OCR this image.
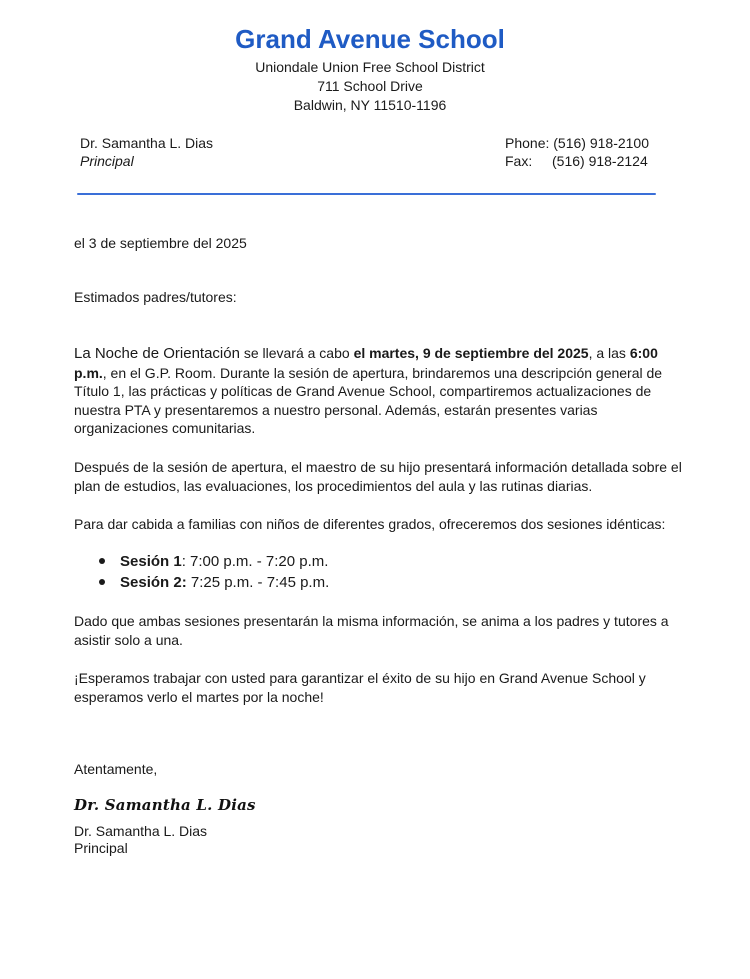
Grand Avenue School
Uniondale Union Free School District
711 School Drive
Baldwin, NY 11510-1196
Dr. Samantha L. Dias
Principal
Phone: (516) 918-2100
Fax: (516) 918-2124

el 3 de septiembre del 2025

Estimados padres/tutores:

La Noche de Orientación se llevará a cabo el martes, 9 de septiembre del 2025, a las 6:00 p.m., en el G.P. Room. Durante la sesión de apertura, brindaremos una descripción general de Título 1, las prácticas y políticas de Grand Avenue School, compartiremos actualizaciones de nuestra PTA y presentaremos a nuestro personal. Además, estarán presentes varias organizaciones comunitarias.

Después de la sesión de apertura, el maestro de su hijo presentará información detallada sobre el plan de estudios, las evaluaciones, los procedimientos del aula y las rutinas diarias.

Para dar cabida a familias con niños de diferentes grados, ofreceremos dos sesiones idénticas:

Sesión 1: 7:00 p.m. - 7:20 p.m.
Sesión 2: 7:25 p.m. - 7:45 p.m.

Dado que ambas sesiones presentarán la misma información, se anima a los padres y tutores a asistir solo a una.

¡Esperamos trabajar con usted para garantizar el éxito de su hijo en Grand Avenue School y esperamos verlo el martes por la noche!

Atentamente,

Dr. Samantha L. Dias
Dr. Samantha L. Dias
Principal
